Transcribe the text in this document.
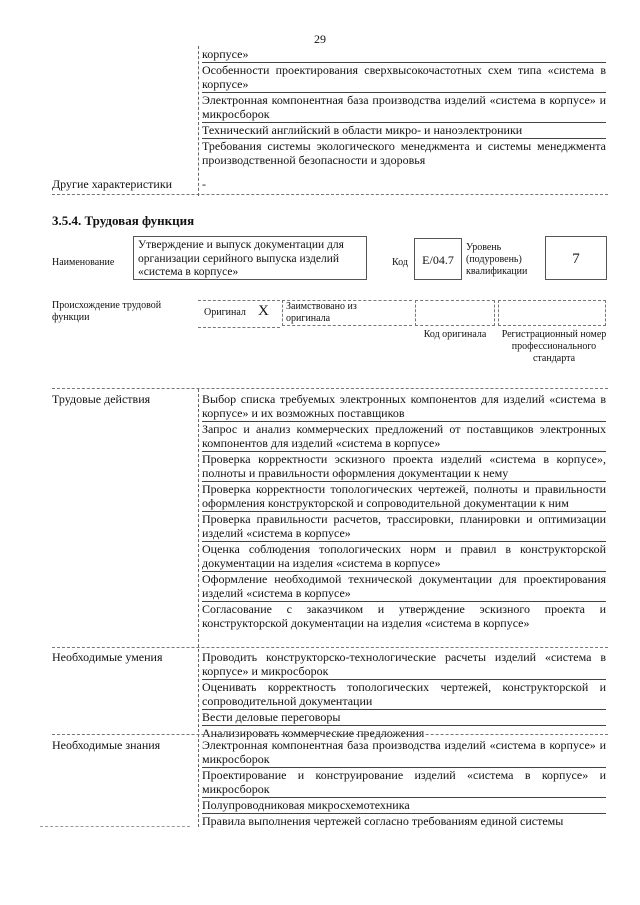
29
корпусе»
Особенности проектирования сверхвысокочастотных схем типа «система в корпусе»
Электронная компонентная база производства изделий «система в корпусе» и микросборок
Технический английский в области микро- и наноэлектроники
Требования системы экологического менеджмента и системы менеджмента производственной безопасности и здоровья
Другие характеристики	-
3.5.4. Трудовая функция
Наименование
Утверждение и выпуск документации для организации серийного выпуска изделий «система в корпусе»
Код	E/04.7
Уровень (подуровень) квалификации
7
Происхождение трудовой функции	Оригинал X Заимствовано из оригинала
Код оригинала	Регистрационный номер профессионального стандарта
Трудовые действия	Выбор списка требуемых электронных компонентов для изделий «система в корпусе» и их возможных поставщиков
Запрос и анализ коммерческих предложений от поставщиков электронных компонентов для изделий «система в корпусе»
Проверка корректности эскизного проекта изделий «система в корпусе», полноты и правильности оформления документации к нему
Проверка корректности топологических чертежей, полноты и правильности оформления конструкторской и сопроводительной документации к ним
Проверка правильности расчетов, трассировки, планировки и оптимизации изделий «система в корпусе»
Оценка соблюдения топологических норм и правил в конструкторской документации на изделия «система в корпусе»
Оформление необходимой технической документации для проектирования изделий «система в корпусе»
Согласование с заказчиком и утверждение эскизного проекта и конструкторской документации на изделия «система в корпусе»
Необходимые умения	Проводить конструкторско-технологические расчеты изделий «система в корпусе» и микросборок
Оценивать корректность топологических чертежей, конструкторской и сопроводительной документации
Вести деловые переговоры
Анализировать коммерческие предложения
Необходимые знания	Электронная компонентная база производства изделий «система в корпусе» и микросборок
Проектирование и конструирование изделий «система в корпусе» и микросборок
Полупроводниковая микросхемотехника
Правила выполнения чертежей согласно требованиям единой системы
